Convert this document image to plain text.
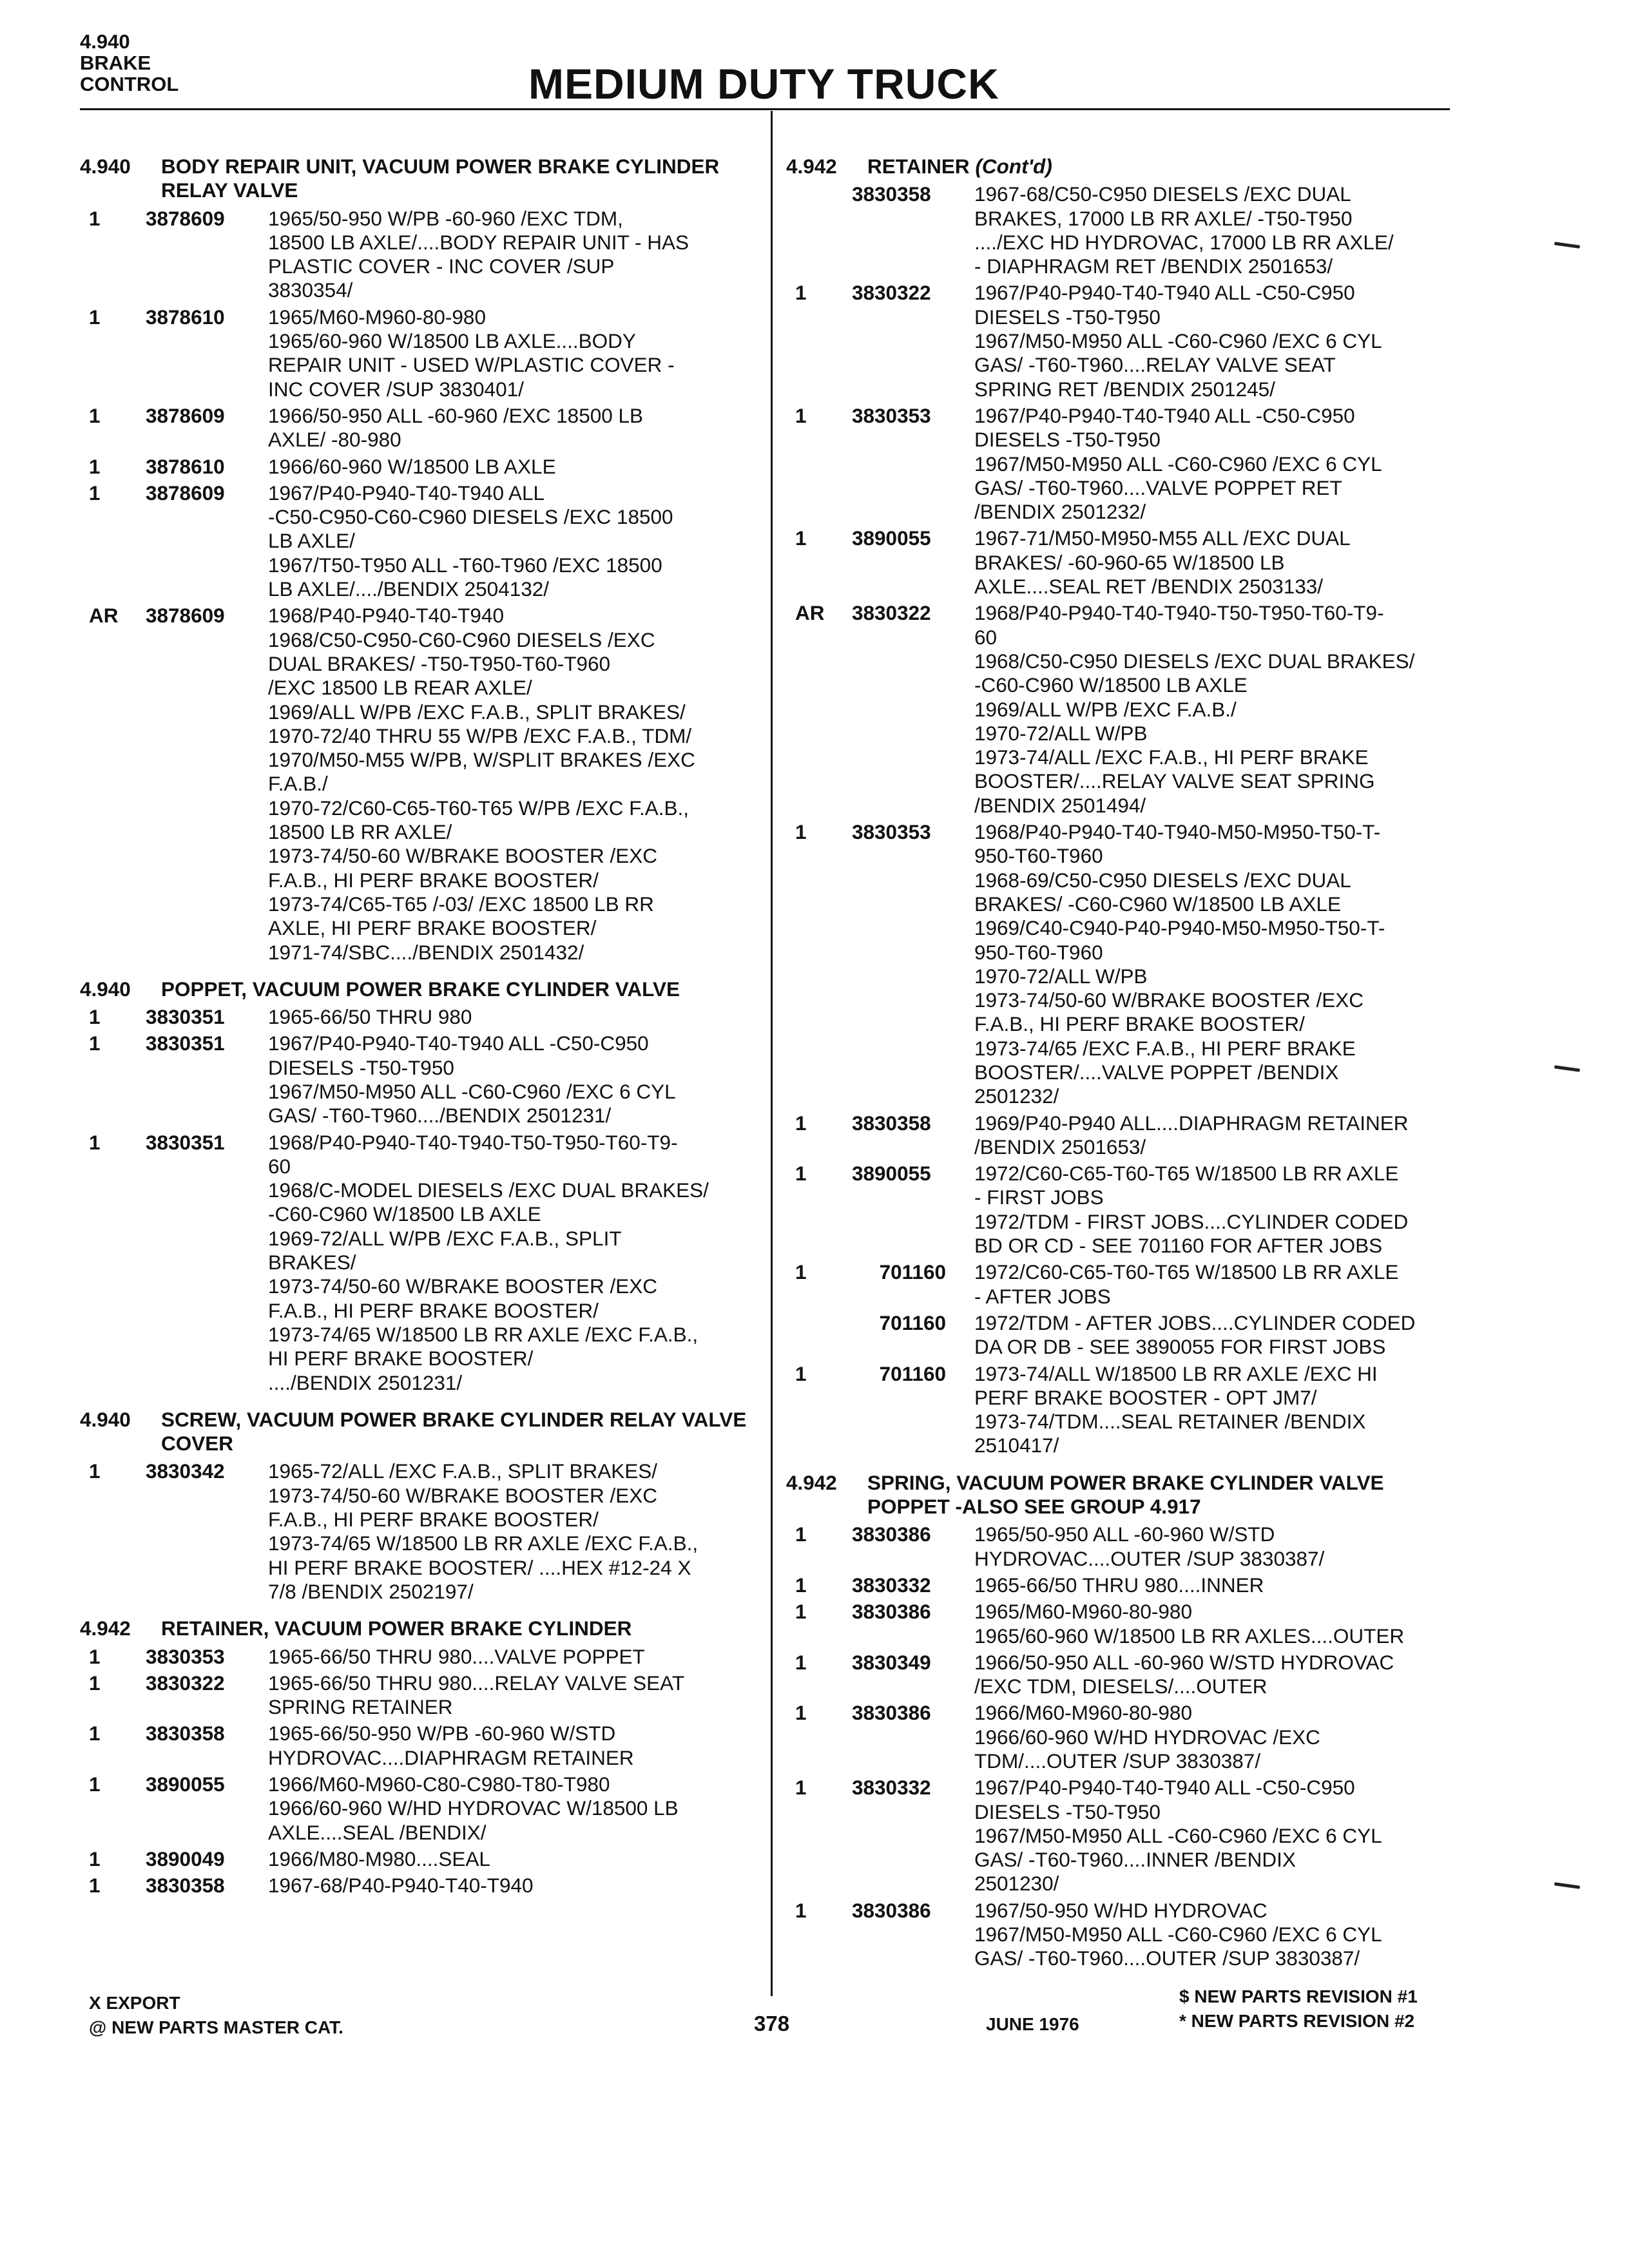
4.940
BRAKE
CONTROL	MEDIUM DUTY TRUCK
4.940	BODY REPAIR UNIT, VACUUM POWER BRAKE CYLINDER RELAY VALVE
1	3878609	1965/50-950 W/PB -60-960 /EXC TDM,
18500 LB AXLE/....BODY REPAIR UNIT - HAS
PLASTIC COVER - INC COVER /SUP
3830354/
1	3878610	1965/M60-M960-80-980
1965/60-960 W/18500 LB AXLE....BODY
REPAIR UNIT - USED W/PLASTIC COVER -
INC COVER /SUP 3830401/
1	3878609	1966/50-950 ALL -60-960 /EXC 18500 LB
AXLE/ -80-980
1	3878610	1966/60-960 W/18500 LB AXLE
1	3878609	1967/P40-P940-T40-T940 ALL
-C50-C950-C60-C960 DIESELS /EXC 18500
LB AXLE/
1967/T50-T950 ALL -T60-T960 /EXC 18500
LB AXLE/..../BENDIX 2504132/
AR	3878609	1968/P40-P940-T40-T940
1968/C50-C950-C60-C960 DIESELS /EXC
DUAL BRAKES/ -T50-T950-T60-T960
/EXC 18500 LB REAR AXLE/
1969/ALL W/PB /EXC F.A.B., SPLIT BRAKES/
1970-72/40 THRU 55 W/PB /EXC F.A.B., TDM/
1970/M50-M55 W/PB, W/SPLIT BRAKES /EXC
F.A.B./
1970-72/C60-C65-T60-T65 W/PB /EXC F.A.B.,
18500 LB RR AXLE/
1973-74/50-60 W/BRAKE BOOSTER /EXC
F.A.B., HI PERF BRAKE BOOSTER/
1973-74/C65-T65 /-03/ /EXC 18500 LB RR
AXLE, HI PERF BRAKE BOOSTER/
1971-74/SBC..../BENDIX 2501432/
4.940	POPPET, VACUUM POWER BRAKE CYLINDER VALVE
1	3830351	1965-66/50 THRU 980
1	3830351	1967/P40-P940-T40-T940 ALL -C50-C950
DIESELS -T50-T950
1967/M50-M950 ALL -C60-C960 /EXC 6 CYL
GAS/ -T60-T960..../BENDIX 2501231/
1	3830351	1968/P40-P940-T40-T940-T50-T950-T60-T9-
60
1968/C-MODEL DIESELS /EXC DUAL BRAKES/
-C60-C960 W/18500 LB AXLE
1969-72/ALL W/PB /EXC F.A.B., SPLIT
BRAKES/
1973-74/50-60 W/BRAKE BOOSTER /EXC
F.A.B., HI PERF BRAKE BOOSTER/
1973-74/65 W/18500 LB RR AXLE /EXC F.A.B.,
HI PERF BRAKE BOOSTER/
..../BENDIX 2501231/
4.940	SCREW, VACUUM POWER BRAKE CYLINDER RELAY VALVE COVER
1	3830342	1965-72/ALL /EXC F.A.B., SPLIT BRAKES/
1973-74/50-60 W/BRAKE BOOSTER /EXC
F.A.B., HI PERF BRAKE BOOSTER/
1973-74/65 W/18500 LB RR AXLE /EXC F.A.B.,
HI PERF BRAKE BOOSTER/ ....HEX #12-24 X
7/8 /BENDIX 2502197/
4.942	RETAINER, VACUUM POWER BRAKE CYLINDER
1	3830353	1965-66/50 THRU 980....VALVE POPPET
1	3830322	1965-66/50 THRU 980....RELAY VALVE SEAT
SPRING RETAINER
1	3830358	1965-66/50-950 W/PB -60-960 W/STD
HYDROVAC....DIAPHRAGM RETAINER
1	3890055	1966/M60-M960-C80-C980-T80-T980
1966/60-960 W/HD HYDROVAC W/18500 LB
AXLE....SEAL /BENDIX/
1	3890049	1966/M80-M980....SEAL
1	3830358	1967-68/P40-P940-T40-T940
4.942	RETAINER (Cont'd)
3830358	1967-68/C50-C950 DIESELS /EXC DUAL
BRAKES, 17000 LB RR AXLE/ -T50-T950
..../EXC HD HYDROVAC, 17000 LB RR AXLE/
- DIAPHRAGM RET /BENDIX 2501653/
1	3830322	1967/P40-P940-T40-T940 ALL -C50-C950
DIESELS -T50-T950
1967/M50-M950 ALL -C60-C960 /EXC 6 CYL
GAS/ -T60-T960....RELAY VALVE SEAT
SPRING RET /BENDIX 2501245/
1	3830353	1967/P40-P940-T40-T940 ALL -C50-C950
DIESELS -T50-T950
1967/M50-M950 ALL -C60-C960 /EXC 6 CYL
GAS/ -T60-T960....VALVE POPPET RET
/BENDIX 2501232/
1	3890055	1967-71/M50-M950-M55 ALL /EXC DUAL
BRAKES/ -60-960-65 W/18500 LB
AXLE....SEAL RET /BENDIX 2503133/
AR	3830322	1968/P40-P940-T40-T940-T50-T950-T60-T9-
60
1968/C50-C950 DIESELS /EXC DUAL BRAKES/
-C60-C960 W/18500 LB AXLE
1969/ALL W/PB /EXC F.A.B./
1970-72/ALL W/PB
1973-74/ALL /EXC F.A.B., HI PERF BRAKE
BOOSTER/....RELAY VALVE SEAT SPRING
/BENDIX 2501494/
1	3830353	1968/P40-P940-T40-T940-M50-M950-T50-T-
950-T60-T960
1968-69/C50-C950 DIESELS /EXC DUAL
BRAKES/ -C60-C960 W/18500 LB AXLE
1969/C40-C940-P40-P940-M50-M950-T50-T-
950-T60-T960
1970-72/ALL W/PB
1973-74/50-60 W/BRAKE BOOSTER /EXC
F.A.B., HI PERF BRAKE BOOSTER/
1973-74/65 /EXC F.A.B., HI PERF BRAKE
BOOSTER/....VALVE POPPET /BENDIX
2501232/
1	3830358	1969/P40-P940 ALL....DIAPHRAGM RETAINER
/BENDIX 2501653/
1	3890055	1972/C60-C65-T60-T65 W/18500 LB RR AXLE
- FIRST JOBS
1972/TDM - FIRST JOBS....CYLINDER CODED
BD OR CD - SEE 701160 FOR AFTER JOBS
1	701160	1972/C60-C65-T60-T65 W/18500 LB RR AXLE
- AFTER JOBS
701160	1972/TDM - AFTER JOBS....CYLINDER CODED
DA OR DB - SEE 3890055 FOR FIRST JOBS
1	701160	1973-74/ALL W/18500 LB RR AXLE /EXC HI
PERF BRAKE BOOSTER - OPT JM7/
1973-74/TDM....SEAL RETAINER /BENDIX
2510417/
4.942	SPRING, VACUUM POWER BRAKE CYLINDER VALVE POPPET -ALSO SEE GROUP 4.917
1	3830386	1965/50-950 ALL -60-960 W/STD
HYDROVAC....OUTER /SUP 3830387/
1	3830332	1965-66/50 THRU 980....INNER
1	3830386	1965/M60-M960-80-980
1965/60-960 W/18500 LB RR AXLES....OUTER
1	3830349	1966/50-950 ALL -60-960 W/STD HYDROVAC
/EXC TDM, DIESELS/....OUTER
1	3830386	1966/M60-M960-80-980
1966/60-960 W/HD HYDROVAC /EXC
TDM/....OUTER /SUP 3830387/
1	3830332	1967/P40-P940-T40-T940 ALL -C50-C950
DIESELS -T50-T950
1967/M50-M950 ALL -C60-C960 /EXC 6 CYL
GAS/ -T60-T960....INNER /BENDIX
2501230/
1	3830386	1967/50-950 W/HD HYDROVAC
1967/M50-M950 ALL -C60-C960 /EXC 6 CYL
GAS/ -T60-T960....OUTER /SUP 3830387/
X EXPORT
@ NEW PARTS MASTER CAT.	378	JUNE 1976
$ NEW PARTS REVISION #1
* NEW PARTS REVISION #2
